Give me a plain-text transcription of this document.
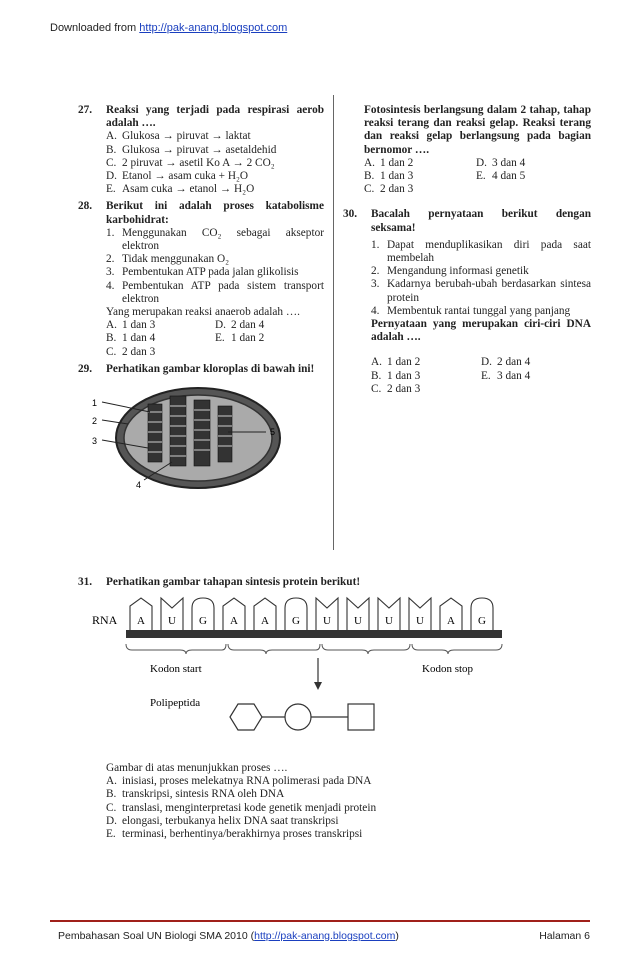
Downloaded from http://pak-anang.blogspot.com
27. Reaksi yang terjadi pada respirasi aerob adalah ….
A. Glukosa → piruvat → laktat
B. Glukosa → piruvat → asetaldehid
C. 2 piruvat → asetil Ko A → 2 CO₂
D. Etanol → asam cuka + H₂O
E. Asam cuka → etanol → H₂O
28. Berikut ini adalah proses katabolisme karbohidrat:
1. Menggunakan CO₂ sebagai akseptor elektron
2. Tidak menggunakan O₂
3. Pembentukan ATP pada jalan glikolisis
4. Pembentukan ATP pada sistem transport elektron
Yang merupakan reaksi anaerob adalah ….
A. 1 dan 3	D. 2 dan 4
B. 1 dan 4	E. 1 dan 2
C. 2 dan 3
29. Perhatikan gambar kloroplas di bawah ini!
1
2
3
4
5
Fotosintesis berlangsung dalam 2 tahap, tahap reaksi terang dan reaksi gelap. Reaksi terang dan reaksi gelap berlangsung pada bagian bernomor ….
A. 1 dan 2	D. 3 dan 4
B. 1 dan 3	E. 4 dan 5
C. 2 dan 3
30. Bacalah pernyataan berikut dengan seksama!
1. Dapat menduplikasikan diri pada saat membelah
2. Mengandung informasi genetik
3. Kadarnya berubah-ubah berdasarkan sintesa protein
4. Membentuk rantai tunggal yang panjang
Pernyataan yang merupakan ciri-ciri DNA adalah ….
A. 1 dan 2	D. 2 dan 4
B. 1 dan 3	E. 3 dan 4
C. 2 dan 3
31. Perhatikan gambar tahapan sintesis protein berikut!
RNA A U G A A G U U U U A G
Kodon start	Kodon stop
Polipeptida
Gambar di atas menunjukkan proses ….
A. inisiasi, proses melekatnya RNA polimerasi pada DNA
B. transkripsi, sintesis RNA oleh DNA
C. translasi, menginterpretasi kode genetik menjadi protein
D. elongasi, terbukanya helix DNA saat transkripsi
E. terminasi, berhentinya/berakhirnya proses transkripsi
Pembahasan Soal UN Biologi SMA 2010 (http://pak-anang.blogspot.com)	Halaman 6
